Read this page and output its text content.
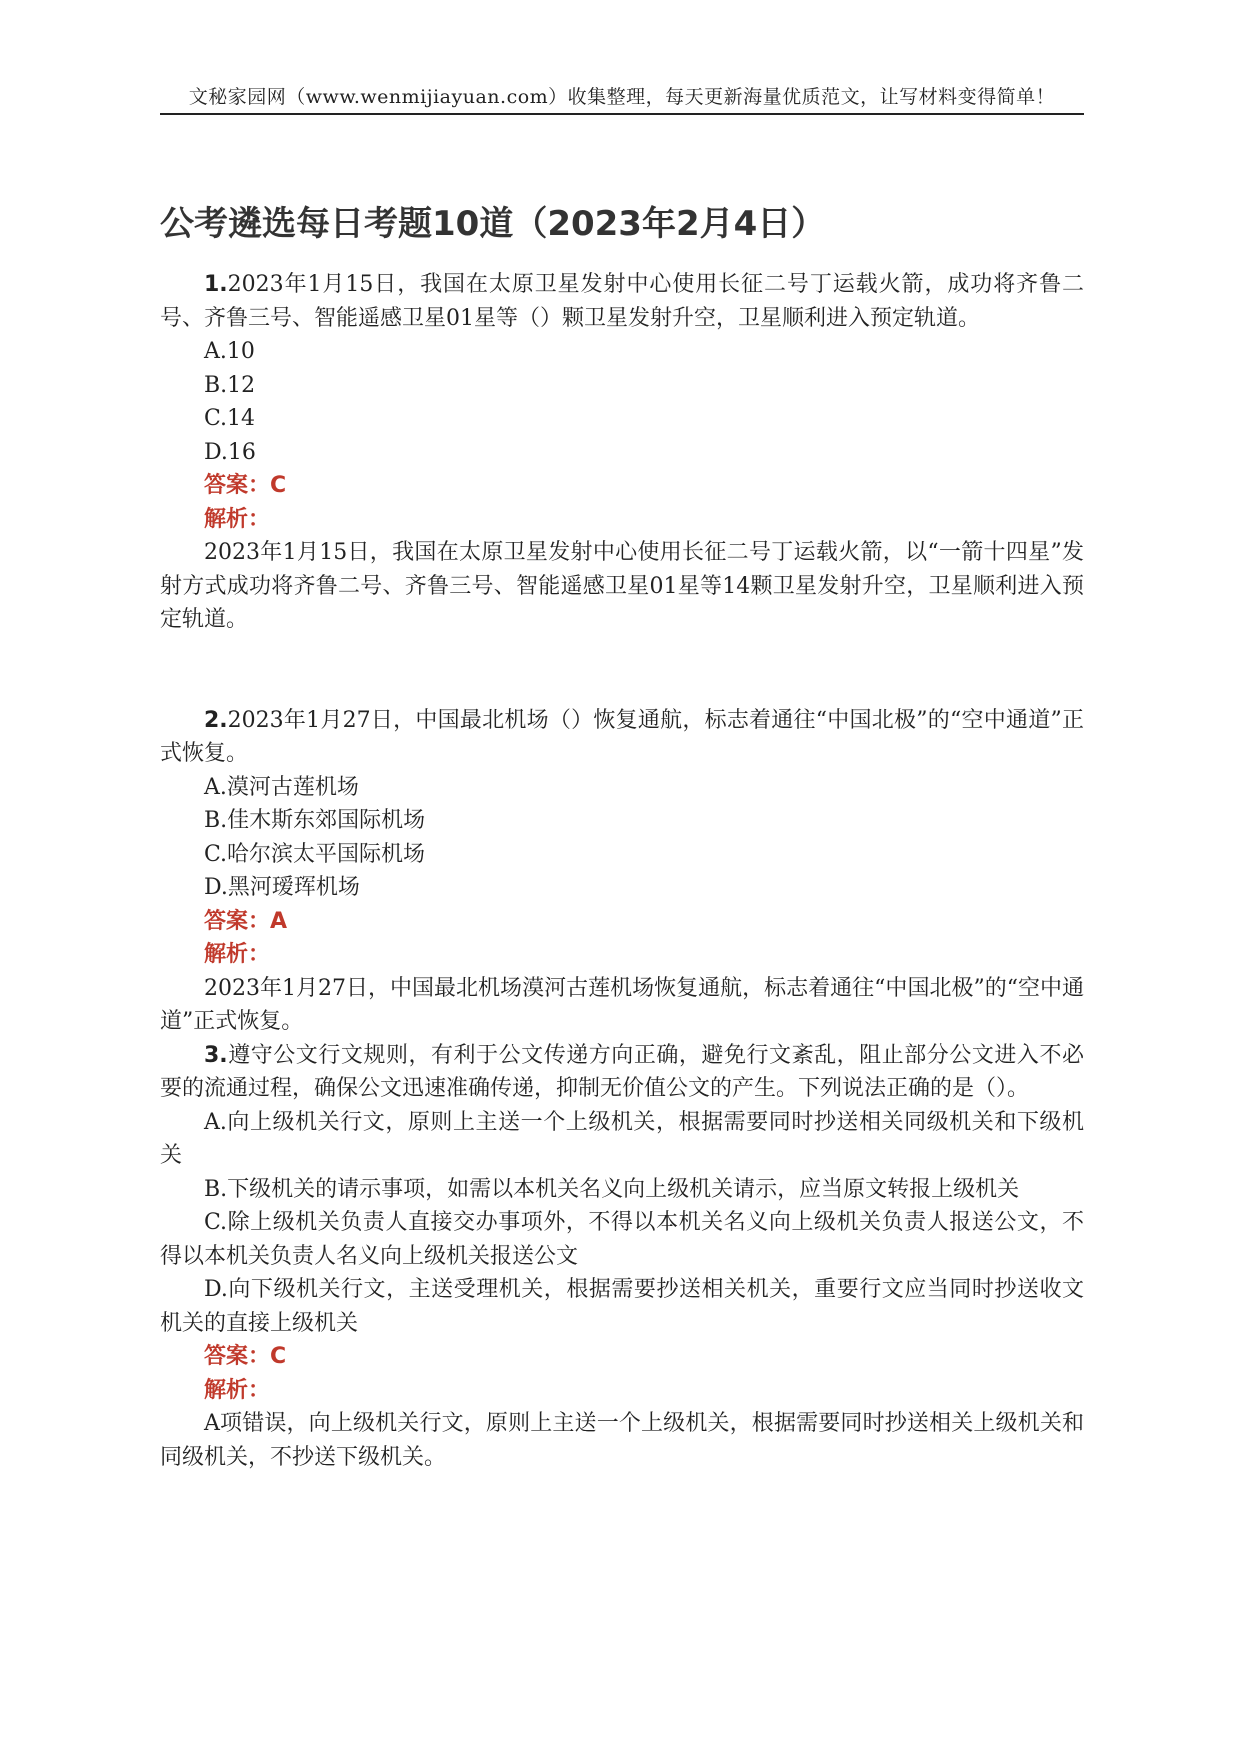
文秘家园网（www.wenmijiayuan.com）收集整理，每天更新海量优质范文，让写材料变得简单！
公考遴选每日考题10道（2023年2月4日）

1.2023年1月15日，我国在太原卫星发射中心使用长征二号丁运载火箭，成功将齐鲁二号、齐鲁三号、智能遥感卫星01星等（）颗卫星发射升空，卫星顺利进入预定轨道。

A.10

B.12

C.14

D.16

答案：C

解析：

2023年1月15日，我国在太原卫星发射中心使用长征二号丁运载火箭，以“一箭十四星”发射方式成功将齐鲁二号、齐鲁三号、智能遥感卫星01星等14颗卫星发射升空，卫星顺利进入预定轨道。

2.2023年1月27日，中国最北机场（）恢复通航，标志着通往“中国北极”的“空中通道”正式恢复。

A.漠河古莲机场

B.佳木斯东郊国际机场

C.哈尔滨太平国际机场

D.黑河瑷珲机场

答案：A

解析：

2023年1月27日，中国最北机场漠河古莲机场恢复通航，标志着通往“中国北极”的“空中通道”正式恢复。

3.遵守公文行文规则，有利于公文传递方向正确，避免行文紊乱，阻止部分公文进入不必要的流通过程，确保公文迅速准确传递，抑制无价值公文的产生。下列说法正确的是（）。

A.向上级机关行文，原则上主送一个上级机关，根据需要同时抄送相关同级机关和下级机关

B.下级机关的请示事项，如需以本机关名义向上级机关请示，应当原文转报上级机关

C.除上级机关负责人直接交办事项外，不得以本机关名义向上级机关负责人报送公文，不得以本机关负责人名义向上级机关报送公文

D.向下级机关行文，主送受理机关，根据需要抄送相关机关，重要行文应当同时抄送收文机关的直接上级机关

答案：C

解析：

A项错误，向上级机关行文，原则上主送一个上级机关，根据需要同时抄送相关上级机关和同级机关，不抄送下级机关。
